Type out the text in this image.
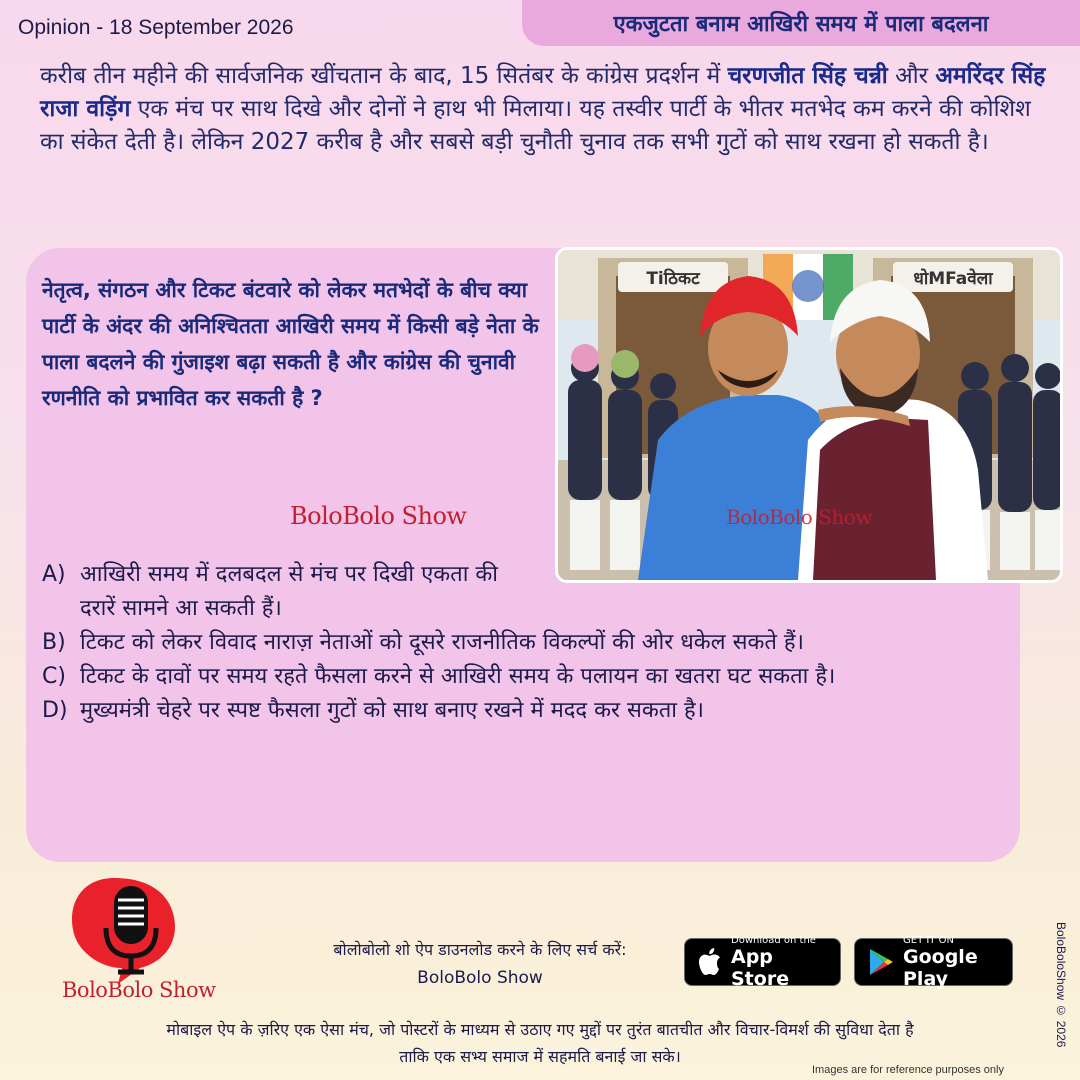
Opinion - 18 September 2026	एकजुटता बनाम आखिरी समय में पाला बदलना

करीब तीन महीने की सार्वजनिक खींचतान के बाद, 15 सितंबर के कांग्रेस प्रदर्शन में चरणजीत सिंह चन्नी और अमरिंदर सिंह राजा वड़िंग एक मंच पर साथ दिखे और दोनों ने हाथ भी मिलाया। यह तस्वीर पार्टी के भीतर मतभेद कम करने की कोशिश का संकेत देती है। लेकिन 2027 करीब है और सबसे बड़ी चुनौती चुनाव तक सभी गुटों को साथ रखना हो सकती है।

नेतृत्व, संगठन और टिकट बंटवारे को लेकर मतभेदों के बीच क्या पार्टी के अंदर की अनिश्चितता आखिरी समय में किसी बड़े नेता के पाला बदलने की गुंजाइश बढ़ा सकती है और कांग्रेस की चुनावी रणनीति को प्रभावित कर सकती है ?

BoloBolo Show
Tiठिकट	धोMFaवेला
BoloBolo Show
A) आखिरी समय में दलबदल से मंच पर दिखी एकता की दरारें सामने आ सकती हैं।
B) टिकट को लेकर विवाद नाराज़ नेताओं को दूसरे राजनीतिक विकल्पों की ओर धकेल सकते हैं।
C) टिकट के दावों पर समय रहते फैसला करने से आखिरी समय के पलायन का खतरा घट सकता है।
D) मुख्यमंत्री चेहरे पर स्पष्ट फैसला गुटों को साथ बनाए रखने में मदद कर सकता है।
BoloBolo Show
बोलोबोलो शो ऐप डाउनलोड करने के लिए सर्च करें:
BoloBolo Show
Download on the
App Store
GET IT ON
Google Play
मोबाइल ऐप के ज़रिए एक ऐसा मंच, जो पोस्टरों के माध्यम से उठाए गए मुद्दों पर तुरंत बातचीत और विचार-विमर्श की सुविधा देता है
ताकि एक सभ्य समाज में सहमति बनाई जा सके।
BoloBoloShow © 2026
Images are for reference purposes only
